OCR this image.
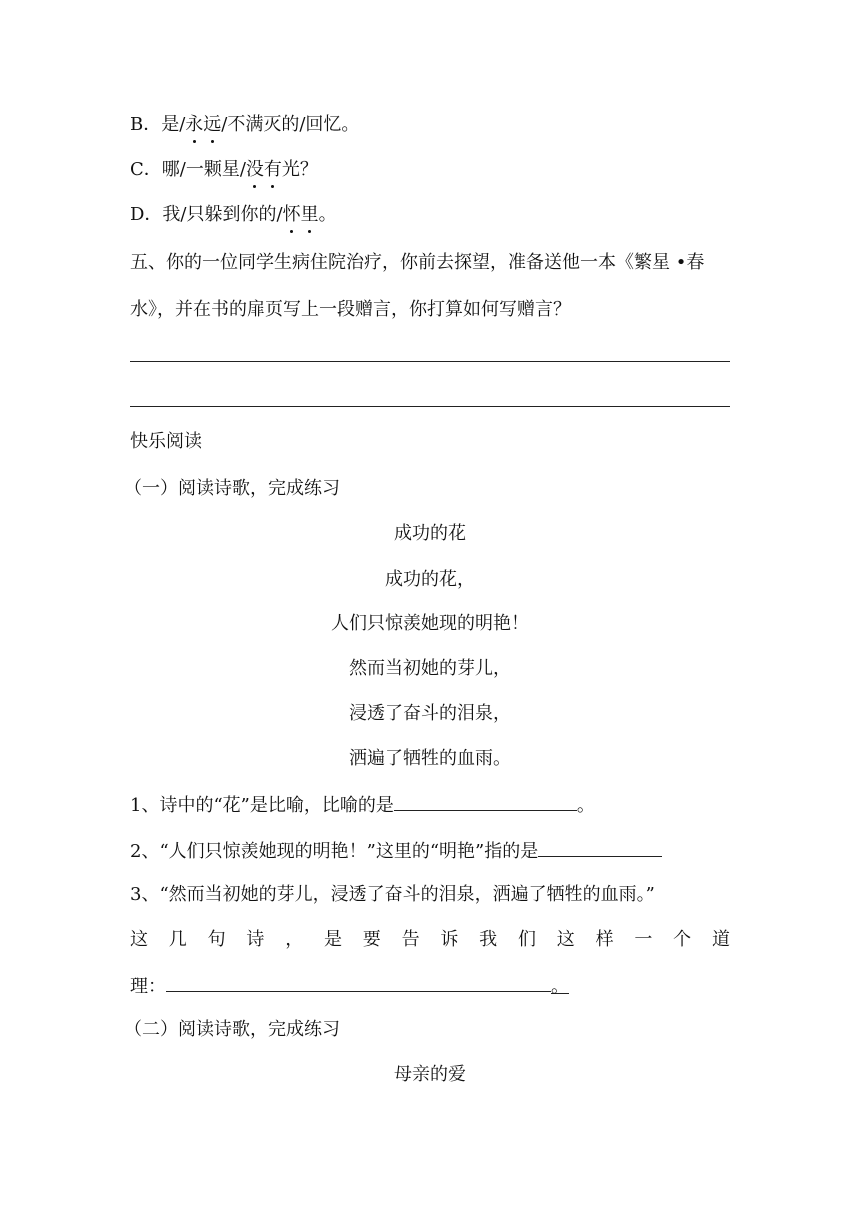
B．是/永远/不满灭的/回忆。
C．哪/一颗星/没有光？
D．我/只躲到你的/怀里。
五、你的一位同学生病住院治疗，你前去探望，准备送他一本《繁星 •春
水》，并在书的扉页写上一段赠言，你打算如何写赠言？
快乐阅读
（一）阅读诗歌，完成练习
成功的花
成功的花，
人们只惊羡她现的明艳！
然而当初她的芽儿，
浸透了奋斗的泪泉，
洒遍了牺牲的血雨。
1、诗中的“花”是比喻，比喻的是	。
2、“人们只惊羡她现的明艳！”这里的“明艳”指的是
3、“然而当初她的芽儿，浸透了奋斗的泪泉，洒遍了牺牲的血雨。”
这 几 句 诗 ， 是 要 告 诉 我 们 这 样 一 个 道
理：	。
（二）阅读诗歌，完成练习
母亲的爱
